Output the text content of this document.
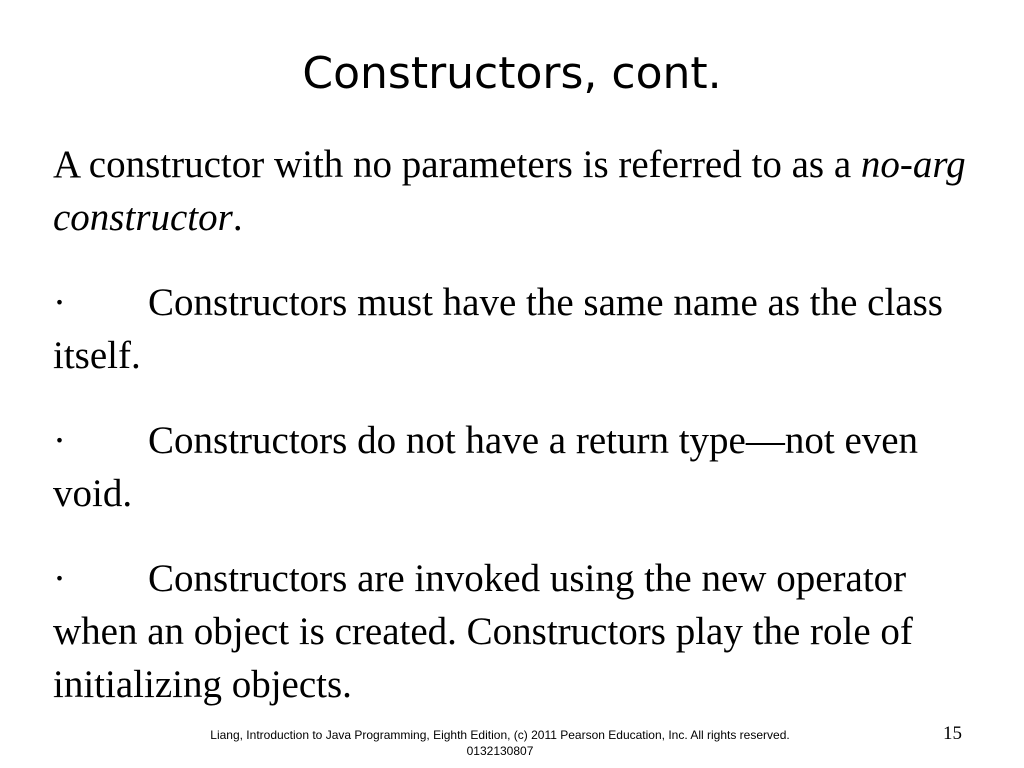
Constructors, cont.

A constructor with no parameters is referred to as a no-arg constructor.

· Constructors must have the same name as the class itself.

· Constructors do not have a return type—not even void.

· Constructors are invoked using the new operator when an object is created. Constructors play the role of initializing objects.

Liang, Introduction to Java Programming, Eighth Edition, (c) 2011 Pearson Education, Inc. All rights reserved. 0132130807
15
